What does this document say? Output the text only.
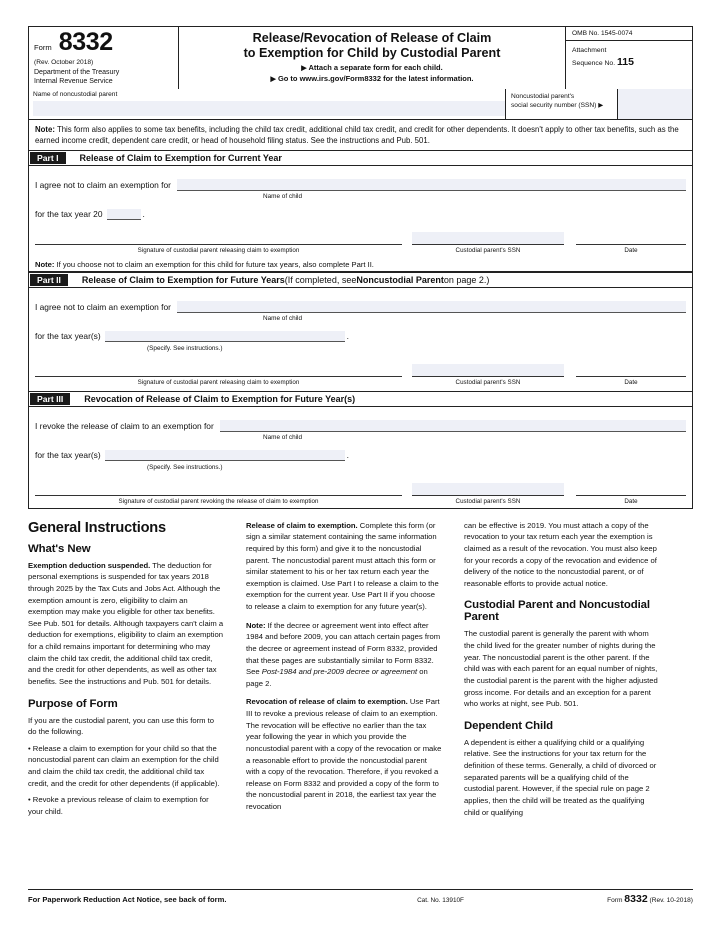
Form 8332
(Rev. October 2018)
Department of the Treasury
Internal Revenue Service
Release/Revocation of Release of Claim
to Exemption for Child by Custodial Parent
▶ Attach a separate form for each child.
▶ Go to www.irs.gov/Form8332 for the latest information.
OMB No. 1545-0074
Attachment
Sequence No. 115
Name of noncustodial parent	Noncustodial parent's
social security number (SSN) ▶
Note: This form also applies to some tax benefits, including the child tax credit, additional child tax credit, and credit for other dependents. It doesn't apply to other tax benefits, such as the earned income credit, dependent care credit, or head of household filing status. See the instructions and Pub. 501.
Part I	Release of Claim to Exemption for Current Year
I agree not to claim an exemption for
Name of child
for the tax year 20	.
Signature of custodial parent releasing claim to exemption	Custodial parent's SSN	Date
Note: If you choose not to claim an exemption for this child for future tax years, also complete Part II.
Part II	Release of Claim to Exemption for Future Years (If completed, see Noncustodial Parent on page 2.)
I agree not to claim an exemption for
Name of child
for the tax year(s)	.
(Specify. See instructions.)
Signature of custodial parent releasing claim to exemption	Custodial parent's SSN	Date
Part III	Revocation of Release of Claim to Exemption for Future Year(s)
I revoke the release of claim to an exemption for
Name of child
for the tax year(s)	.
(Specify. See instructions.)
Signature of custodial parent revoking the release of claim to exemption	Custodial parent's SSN	Date
General Instructions
What's New

Exemption deduction suspended. The deduction for personal exemptions is suspended for tax years 2018 through 2025 by the Tax Cuts and Jobs Act. Although the exemption amount is zero, eligibility to claim an exemption may make you eligible for other tax benefits. See Pub. 501 for details. Although taxpayers can't claim a deduction for exemptions, eligibility to claim an exemption for a child remains important for determining who may claim the child tax credit, the additional child tax credit, and the credit for other dependents, as well as other tax benefits. See the instructions and Pub. 501 for details.

Purpose of Form

If you are the custodial parent, you can use this form to do the following.

• Release a claim to exemption for your child so that the noncustodial parent can claim an exemption for the child and claim the child tax credit, the additional child tax credit, and the credit for other dependents (if applicable).

• Revoke a previous release of claim to exemption for your child.

Release of claim to exemption. Complete this form (or sign a similar statement containing the same information required by this form) and give it to the noncustodial parent. The noncustodial parent must attach this form or similar statement to his or her tax return each year the exemption is claimed. Use Part I to release a claim to the exemption for the current year. Use Part II if you choose to release a claim to exemption for any future year(s).

Note: If the decree or agreement went into effect after 1984 and before 2009, you can attach certain pages from the decree or agreement instead of Form 8332, provided that these pages are substantially similar to Form 8332. See Post-1984 and pre-2009 decree or agreement on page 2.

Revocation of release of claim to exemption. Use Part III to revoke a previous release of claim to an exemption. The revocation will be effective no earlier than the tax year following the year in which you provide the noncustodial parent with a copy of the revocation or make a reasonable effort to provide the noncustodial parent with a copy of the revocation. Therefore, if you revoked a release on Form 8332 and provided a copy of the form to the noncustodial parent in 2018, the earliest tax year the revocation

can be effective is 2019. You must attach a copy of the revocation to your tax return each year the exemption is claimed as a result of the revocation. You must also keep for your records a copy of the revocation and evidence of delivery of the notice to the noncustodial parent, or of reasonable efforts to provide actual notice.

Custodial Parent and Noncustodial Parent

The custodial parent is generally the parent with whom the child lived for the greater number of nights during the year. The noncustodial parent is the other parent. If the child was with each parent for an equal number of nights, the custodial parent is the parent with the higher adjusted gross income. For details and an exception for a parent who works at night, see Pub. 501.

Dependent Child

A dependent is either a qualifying child or a qualifying relative. See the instructions for your tax return for the definition of these terms. Generally, a child of divorced or separated parents will be a qualifying child of the custodial parent. However, if the special rule on page 2 applies, then the child will be treated as the qualifying child or qualifying

For Paperwork Reduction Act Notice, see back of form.	Cat. No. 13910F	Form 8332 (Rev. 10-2018)
